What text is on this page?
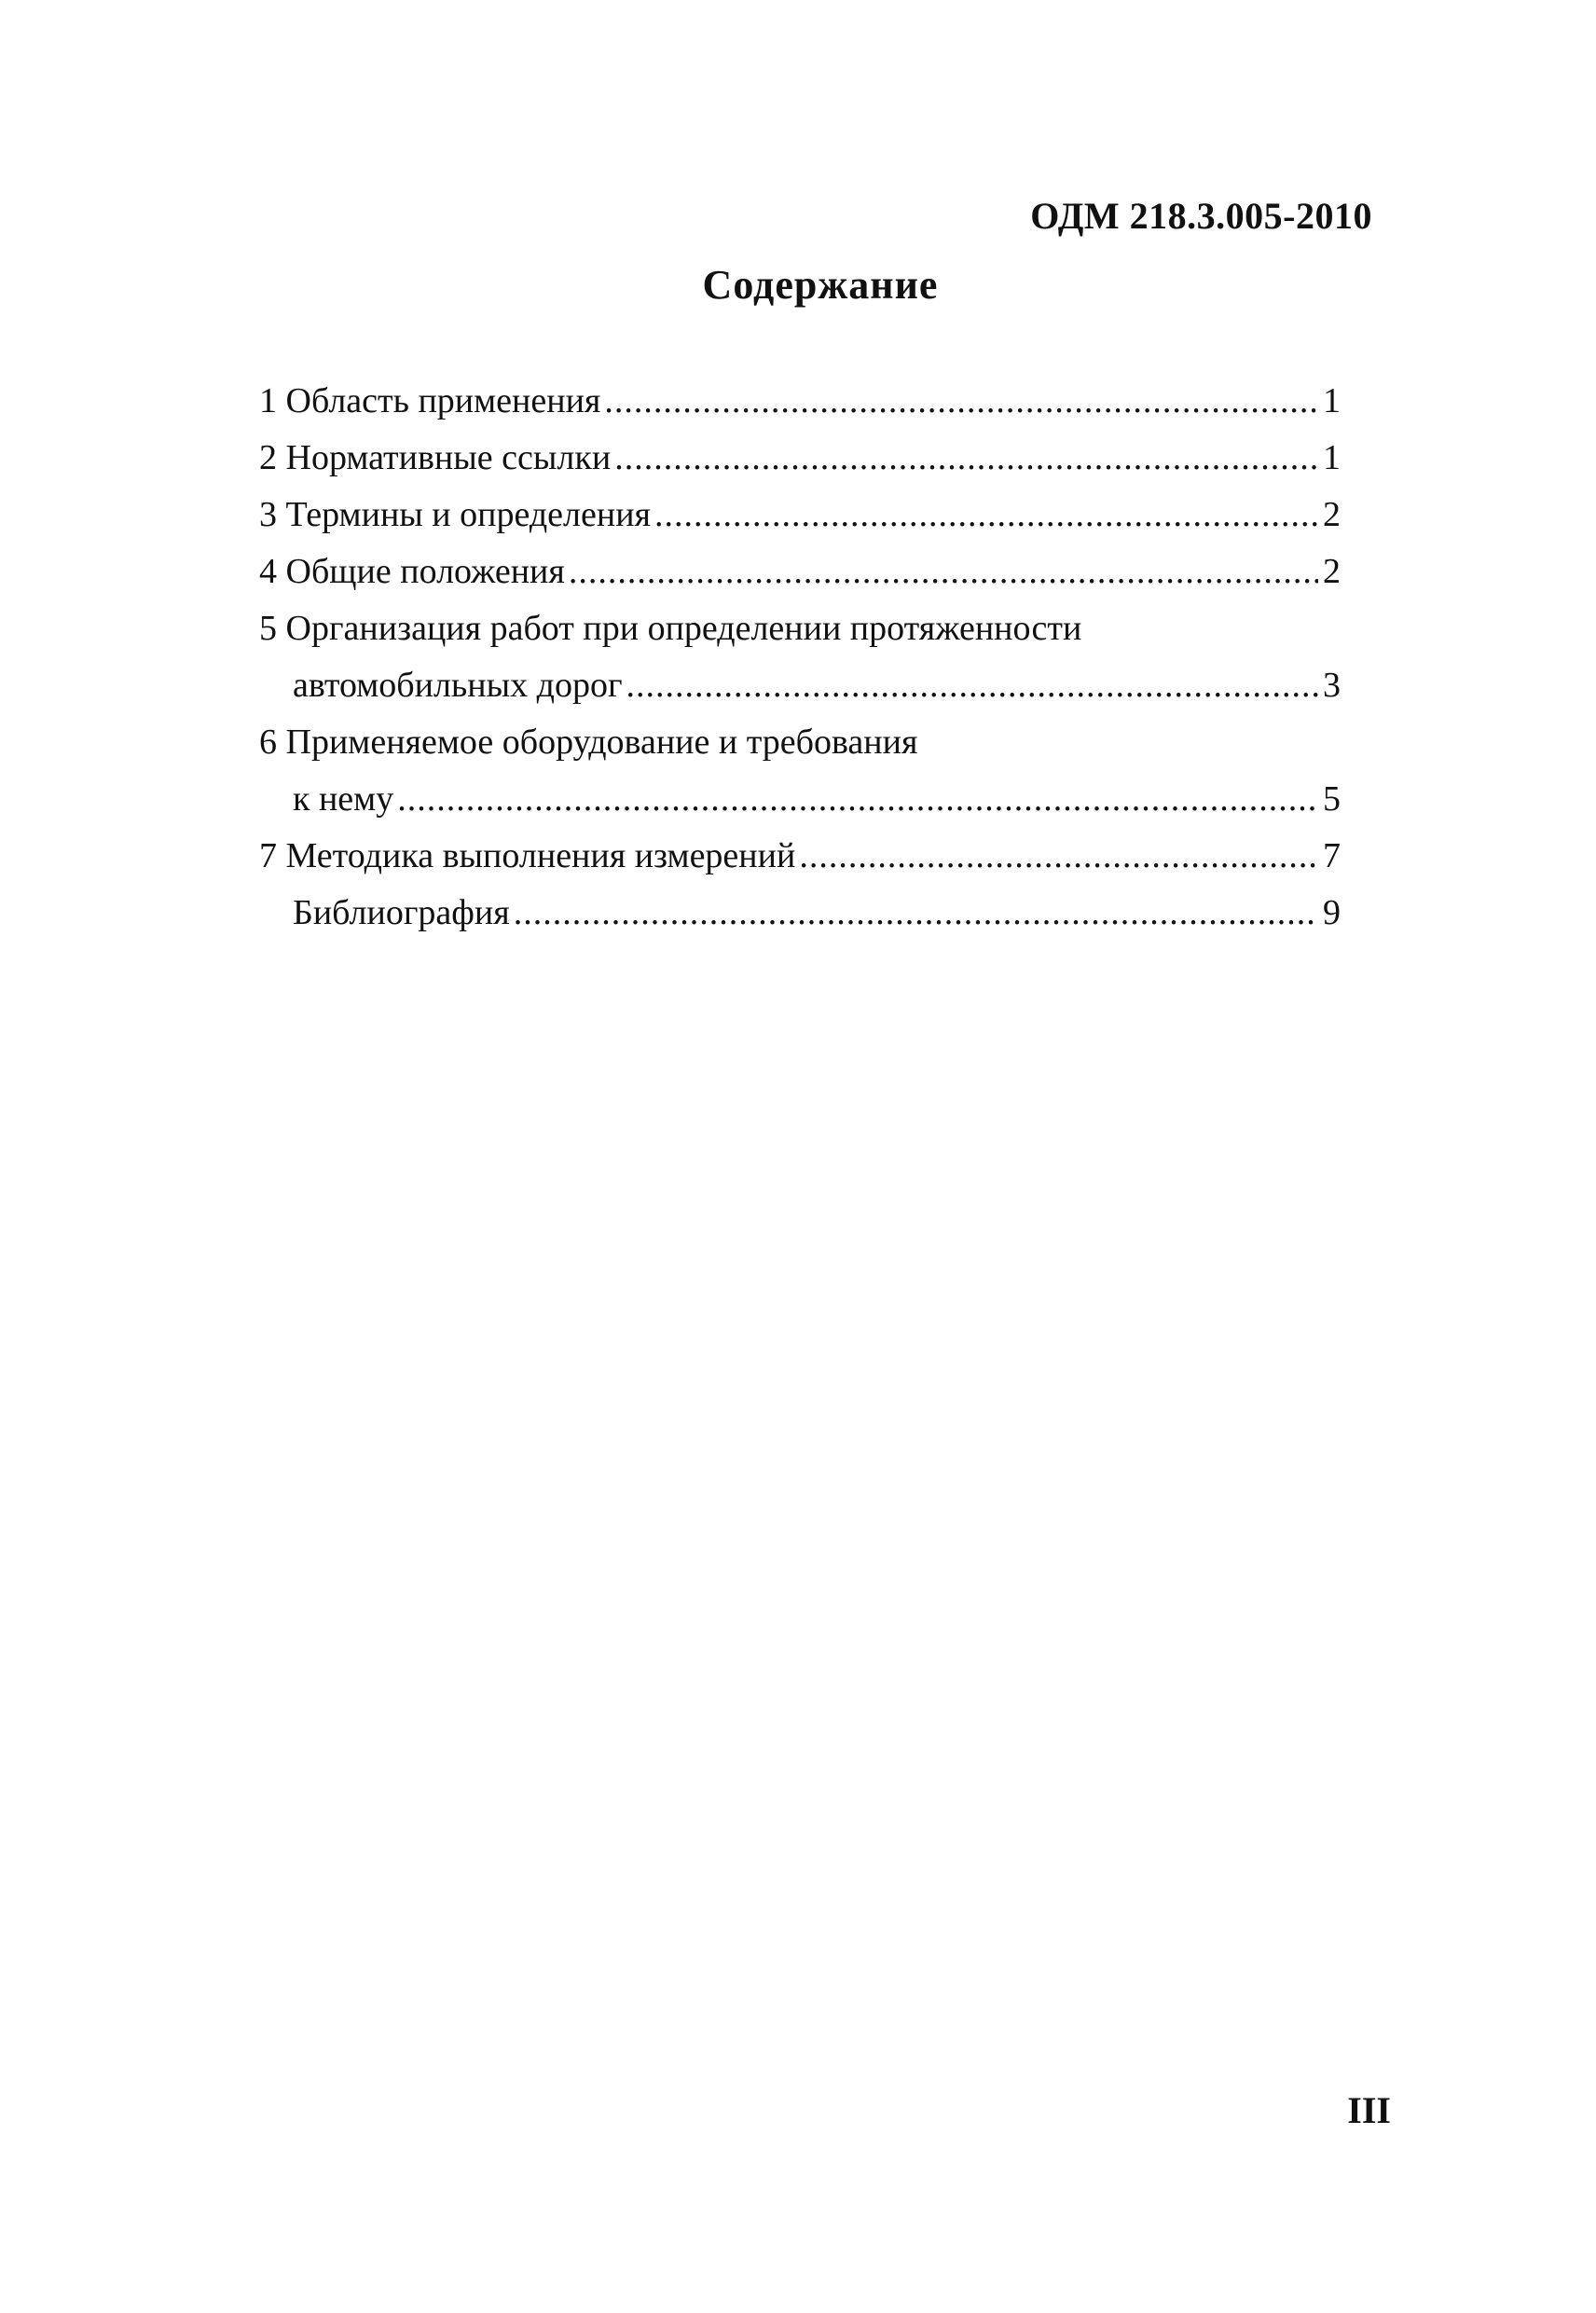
ОДМ 218.3.005-2010
Содержание
1 Область применения .....	1
2 Нормативные ссылки .....	1
3 Термины и определения .....	2
4 Общие положения .....	2
5 Организация работ при определении протяженности
автомобильных дорог .....	3
6 Применяемое оборудование и требования
к нему .....	5
7 Методика выполнения измерений .....	7
Библиография .....	9
III
